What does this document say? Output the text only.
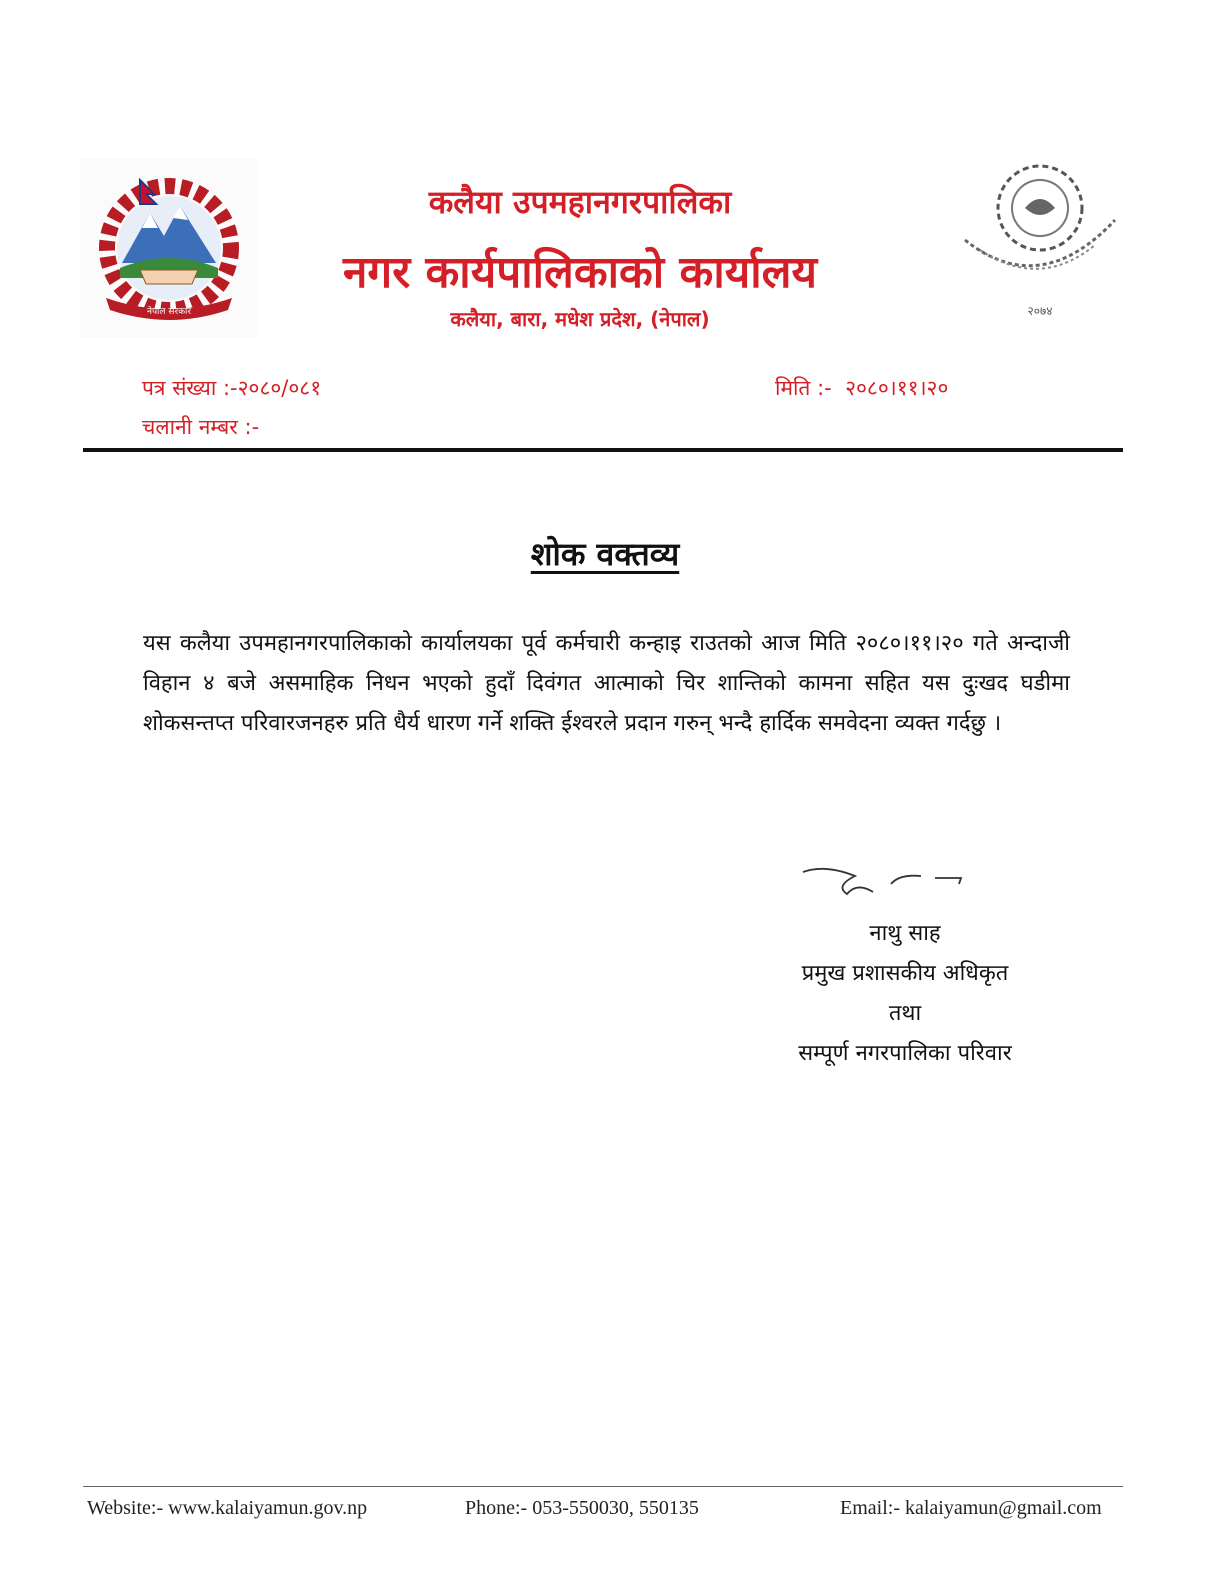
नेपाल सरकार
कलैया उपमहानगरपालिका
नगर कार्यपालिकाको कार्यालय
कलैया, बारा, मधेश प्रदेश, (नेपाल)	२०७४
पत्र संख्या :-२०८०/०८१
चलानी नम्बर :-
मिति :- २०८०।११।२०
शोक वक्तव्य
यस कलैया उपमहानगरपालिकाको कार्यालयका पूर्व कर्मचारी कन्हाइ राउतको आज मिति २०८०।११।२० गते अन्दाजी विहान ४ बजे असमाहिक निधन भएको हुदाँ दिवंगत आत्माको चिर शान्तिको कामना सहित यस दुःखद घडीमा शोकसन्तप्त परिवारजनहरु प्रति धैर्य धारण गर्ने शक्ति ईश्वरले प्रदान गरुन् भन्दै हार्दिक समवेदना व्यक्त गर्दछु ।
नाथु साह
प्रमुख प्रशासकीय अधिकृत
तथा
सम्पूर्ण नगरपालिका परिवार
Website:- www.kalaiyamun.gov.np	Phone:- 053-550030, 550135	Email:- kalaiyamun@gmail.com
